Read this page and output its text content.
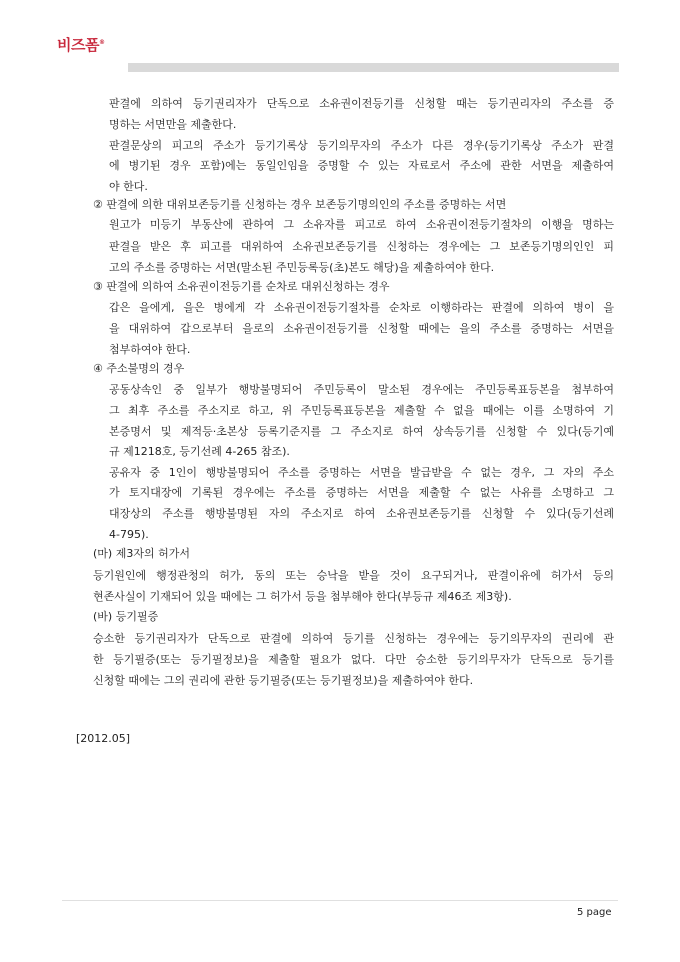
비즈폼®
판결에 의하여 등기권리자가 단독으로 소유권이전등기를 신청할 때는 등기권리자의 주소를 증
명하는 서면만을 제출한다.
판결문상의 피고의 주소가 등기기록상 등기의무자의 주소가 다른 경우(등기기록상 주소가 판결
에 병기된 경우 포함)에는 동일인임을 증명할 수 있는 자료로서 주소에 관한 서면을 제출하여
야 한다.
② 판결에 의한 대위보존등기를 신청하는 경우 보존등기명의인의 주소를 증명하는 서면
원고가 미등기 부동산에 관하여 그 소유자를 피고로 하여 소유권이전등기절차의 이행을 명하는
판결을 받은 후 피고를 대위하여 소유권보존등기를 신청하는 경우에는 그 보존등기명의인인 피
고의 주소를 증명하는 서면(말소된 주민등록등(초)본도 해당)을 제출하여야 한다.
③ 판결에 의하여 소유권이전등기를 순차로 대위신청하는 경우
갑은 을에게, 을은 병에게 각 소유권이전등기절차를 순차로 이행하라는 판결에 의하여 병이 을
을 대위하여 갑으로부터 을로의 소유권이전등기를 신청할 때에는 을의 주소를 증명하는 서면을
첨부하여야 한다.
④ 주소불명의 경우
공동상속인 중 일부가 행방불명되어 주민등록이 말소된 경우에는 주민등록표등본을 첨부하여
그 최후 주소를 주소지로 하고, 위 주민등록표등본을 제출할 수 없을 때에는 이를 소명하여 기
본증명서 및 제적등·초본상 등록기준지를 그 주소지로 하여 상속등기를 신청할 수 있다(등기예
규 제1218호, 등기선례 4-265 참조).
공유자 중 1인이 행방불명되어 주소를 증명하는 서면을 발급받을 수 없는 경우, 그 자의 주소
가 토지대장에 기록된 경우에는 주소를 증명하는 서면을 제출할 수 없는 사유를 소명하고 그
대장상의 주소를 행방불명된 자의 주소지로 하여 소유권보존등기를 신청할 수 있다(등기선례
4-795).
(마) 제3자의 허가서
등기원인에 행정관청의 허가, 동의 또는 승낙을 받을 것이 요구되거나, 판결이유에 허가서 등의
현존사실이 기재되어 있을 때에는 그 허가서 등을 첨부해야 한다(부등규 제46조 제3항).
(바) 등기필증
승소한 등기권리자가 단독으로 판결에 의하여 등기를 신청하는 경우에는 등기의무자의 권리에 관
한 등기필증(또는 등기필정보)을 제출할 필요가 없다. 다만 승소한 등기의무자가 단독으로 등기를
신청할 때에는 그의 권리에 관한 등기필증(또는 등기필정보)을 제출하여야 한다.
[2012.05]
5 page
